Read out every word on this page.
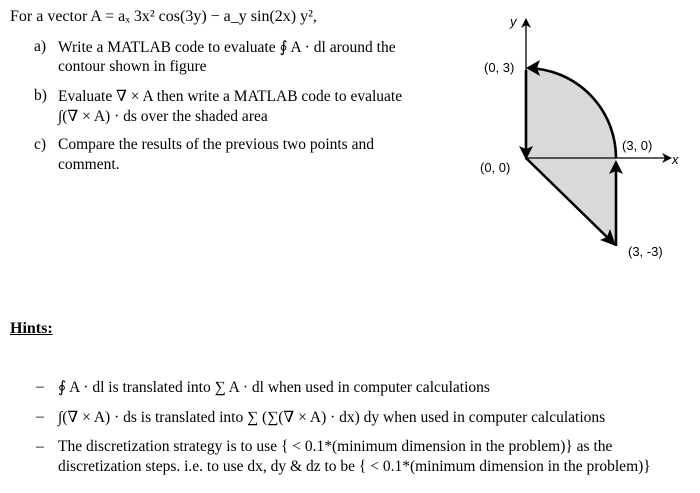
For a vector A = aₓ 3x² cos(3y) − a_y sin(2x) y²,
a) Write a MATLAB code to evaluate ∮ A · dl around the
contour shown in figure
b) Evaluate ∇ × A then write a MATLAB code to evaluate
∫(∇ × A) · ds over the shaded area
c) Compare the results of the previous two points and
comment.
y
x
(0, 3)
(0, 0)
(3, 0)
(3, -3)
Hints:
– ∮ A · dl is translated into ∑ A · dl when used in computer calculations
– ∫(∇ × A) · ds is translated into ∑ (∑(∇ × A) · dx) dy when used in computer calculations
– The discretization strategy is to use { < 0.1*(minimum dimension in the problem)} as the
discretization steps. i.e. to use dx, dy & dz to be { < 0.1*(minimum dimension in the problem)}
